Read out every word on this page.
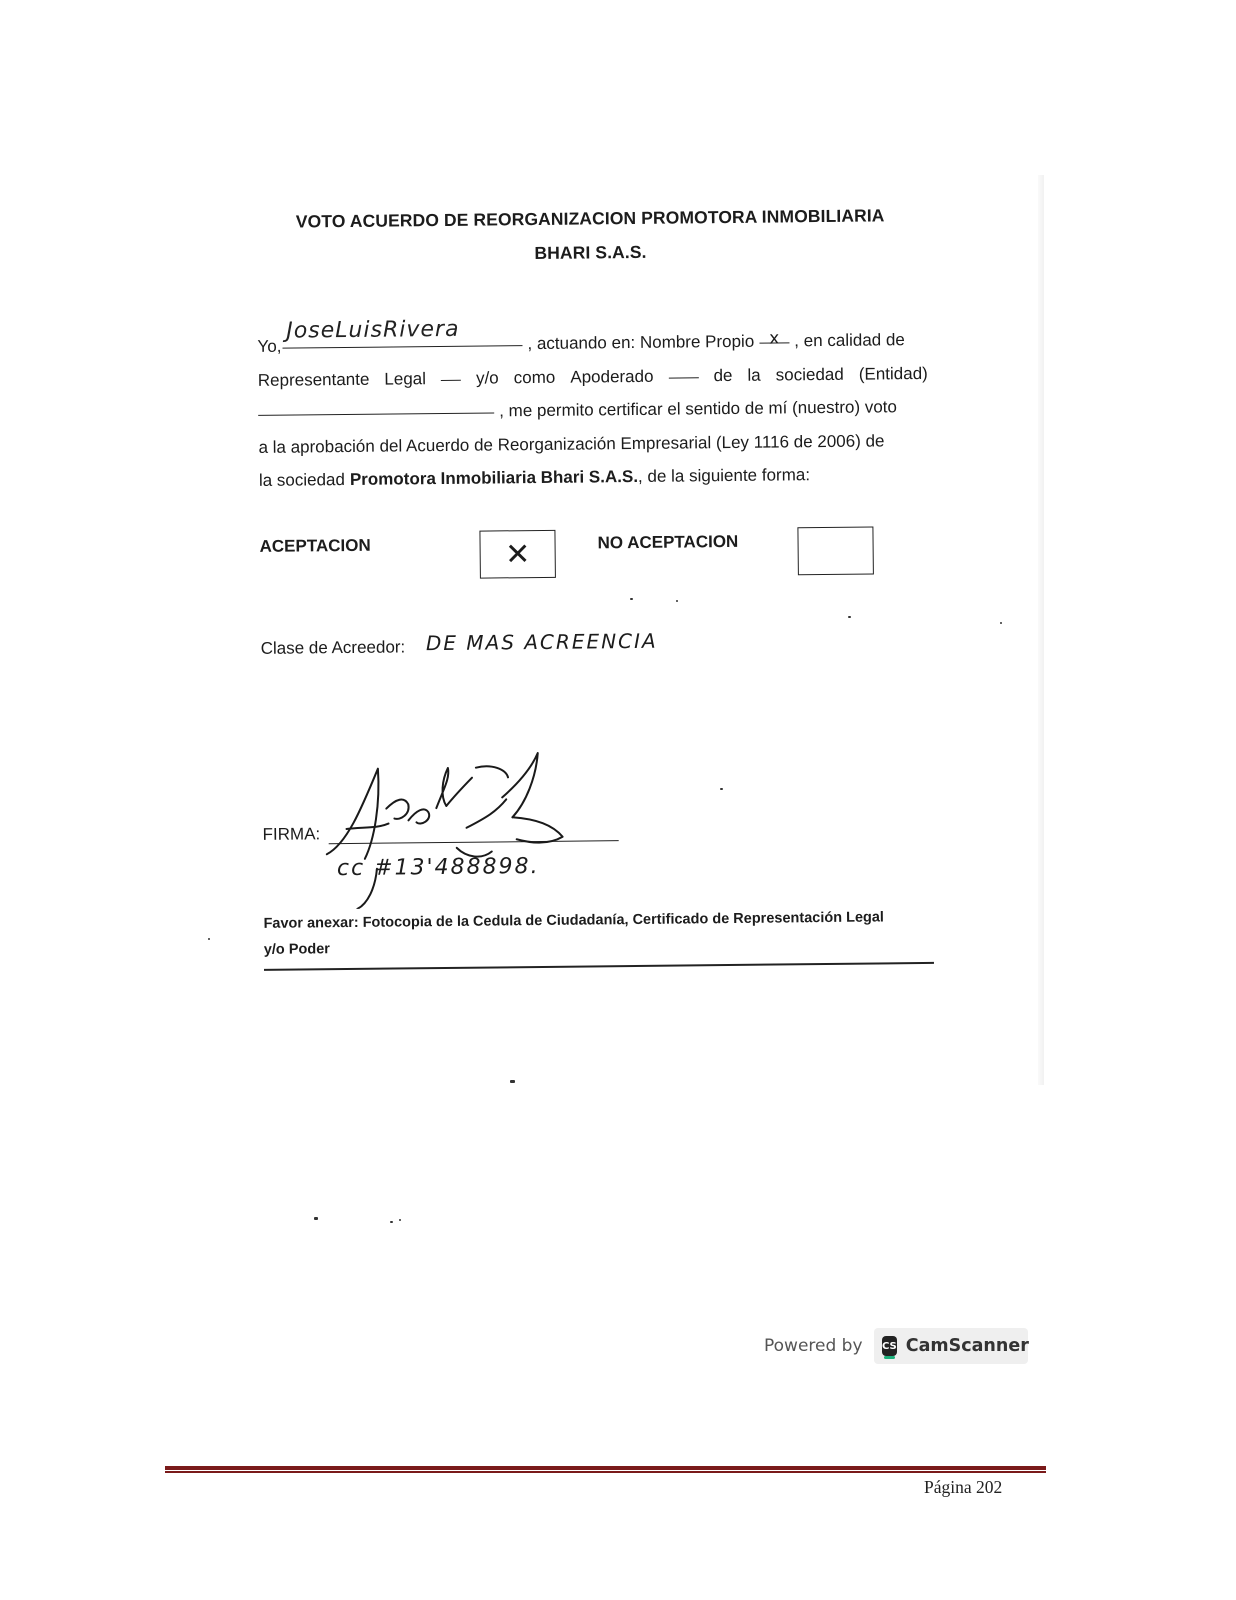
VOTO ACUERDO DE REORGANIZACION PROMOTORA INMOBILIARIA
BHARI S.A.S.
Yo,
JoseLuisRivera	, actuando en: Nombre Propio x , en calidad de
Representante Legal	y/o como Apoderado	de la sociedad (Entidad)
, me permito certificar el sentido de mí (nuestro) voto
a la aprobación del Acuerdo de Reorganización Empresarial (Ley 1116 de 2006) de
la sociedad Promotora Inmobiliaria Bhari S.A.S. , de la siguiente forma:
ACEPTACION	✕	NO ACEPTACION
Clase de Acreedor: DE MAS ACREENCIA
FIRMA:
cc #13'488898.
Favor anexar: Fotocopia de la Cedula de Ciudadanía, Certificado de Representación Legal
y/o Poder
Powered by CS CamScanner
Página 202
